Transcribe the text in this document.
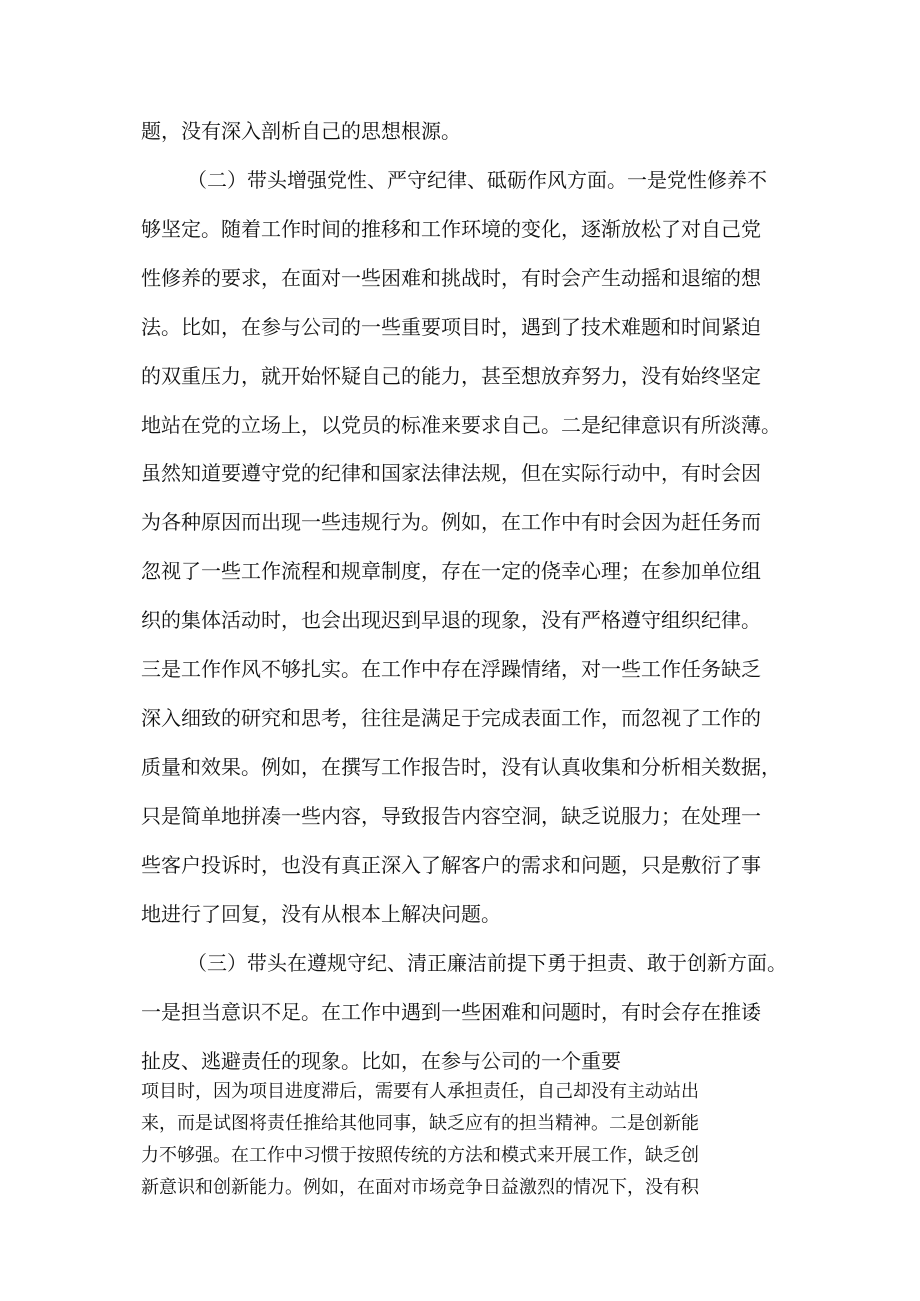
题，没有深入剖析自己的思想根源。
（二）带头增强党性、严守纪律、砥砺作风方面。一是党性修养不
够坚定。随着工作时间的推移和工作环境的变化，逐渐放松了对自己党
性修养的要求，在面对一些困难和挑战时，有时会产生动摇和退缩的想
法。比如，在参与公司的一些重要项目时，遇到了技术难题和时间紧迫
的双重压力，就开始怀疑自己的能力，甚至想放弃努力，没有始终坚定
地站在党的立场上，以党员的标准来要求自己。二是纪律意识有所淡薄。
虽然知道要遵守党的纪律和国家法律法规，但在实际行动中，有时会因
为各种原因而出现一些违规行为。例如，在工作中有时会因为赶任务而
忽视了一些工作流程和规章制度，存在一定的侥幸心理；在参加单位组
织的集体活动时，也会出现迟到早退的现象，没有严格遵守组织纪律。
三是工作作风不够扎实。在工作中存在浮躁情绪，对一些工作任务缺乏
深入细致的研究和思考，往往是满足于完成表面工作，而忽视了工作的
质量和效果。例如，在撰写工作报告时，没有认真收集和分析相关数据，
只是简单地拼凑一些内容，导致报告内容空洞，缺乏说服力；在处理一
些客户投诉时，也没有真正深入了解客户的需求和问题，只是敷衍了事
地进行了回复，没有从根本上解决问题。
（三）带头在遵规守纪、清正廉洁前提下勇于担责、敢于创新方面。
一是担当意识不足。在工作中遇到一些困难和问题时，有时会存在推诿
扯皮、逃避责任的现象。比如，在参与公司的一个重要
项目时，因为项目进度滞后，需要有人承担责任，自己却没有主动站出
来，而是试图将责任推给其他同事，缺乏应有的担当精神。二是创新能
力不够强。在工作中习惯于按照传统的方法和模式来开展工作，缺乏创
新意识和创新能力。例如，在面对市场竞争日益激烈的情况下，没有积
